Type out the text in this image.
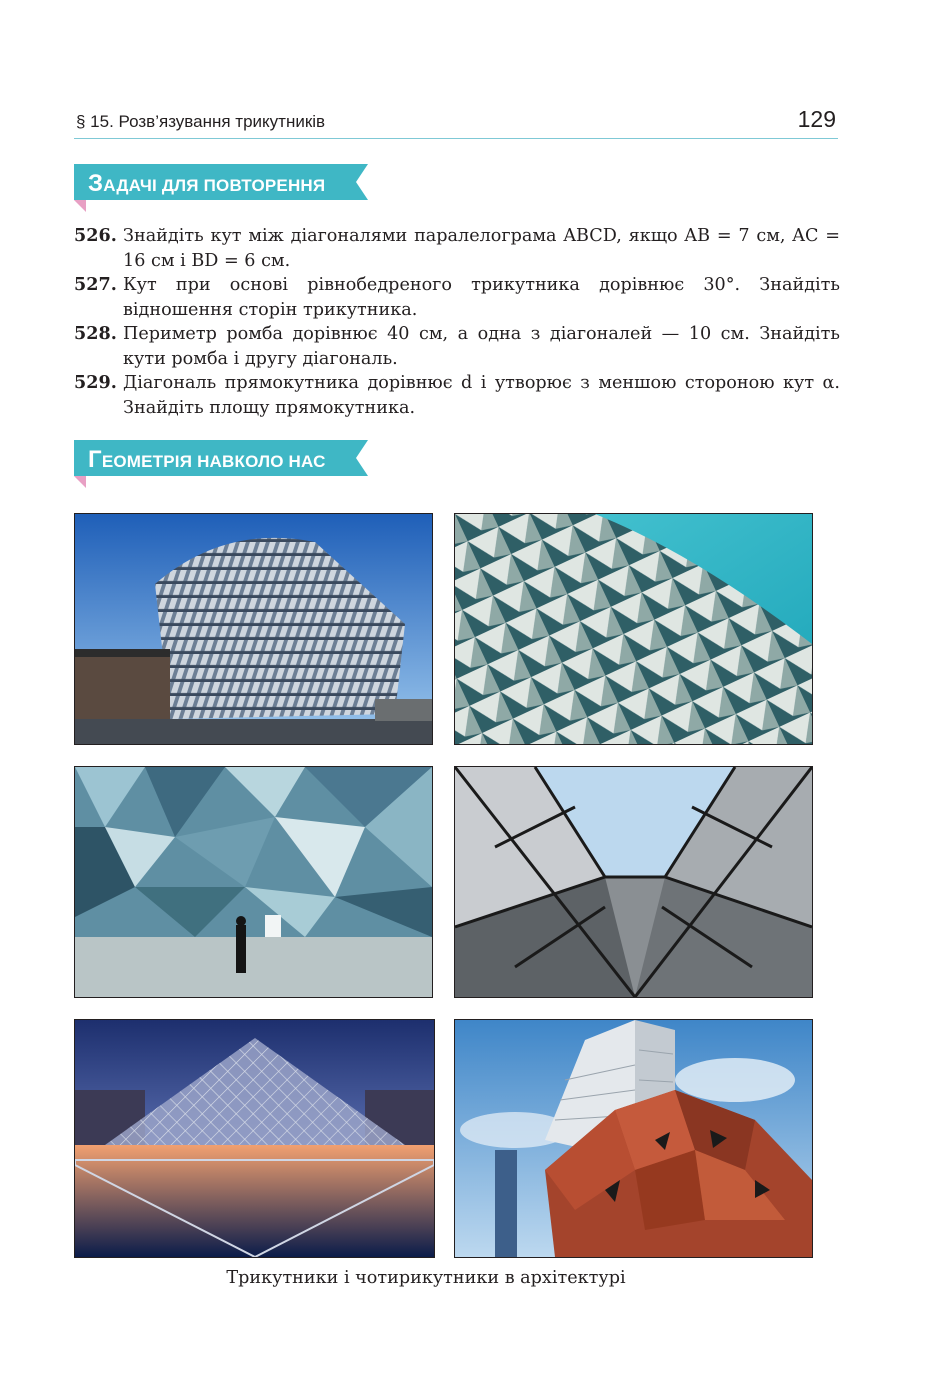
§ 15. Розв’язування трикутників	129
ЗАДАЧІ ДЛЯ ПОВТОРЕННЯ
526. Знайдіть кут між діагоналями паралелограма ABCD, якщо AB = 7 см, AC = 16 см і BD = 6 см.
527. Кут при основі рівнобедреного трикутника дорівнює 30°. Знайдіть відношення сторін трикутника.
528. Периметр ромба дорівнює 40 см, а одна з діагоналей — 10 см. Знайдіть кути ромба і другу діагональ.
529. Діагональ прямокутника дорівнює d і утворює з меншою стороною кут α. Знайдіть площу прямокутника.
ГЕОМЕТРІЯ НАВКОЛО НАС
Трикутники і чотирикутники в архітектурі
